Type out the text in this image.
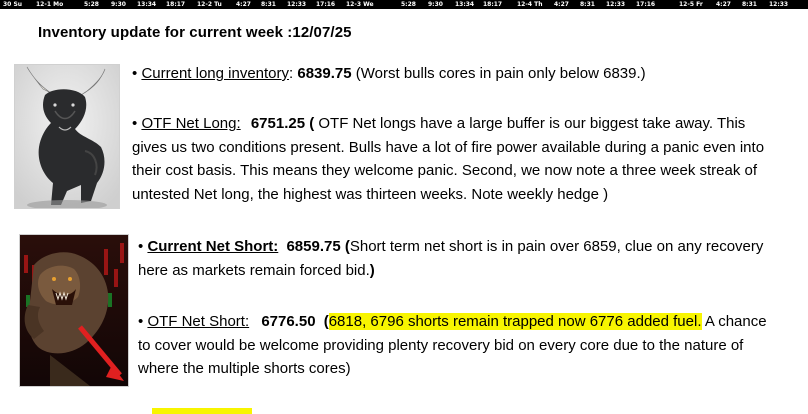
30 Su 12-1 Mo	5:28 9:30 13:34 18:17 12-2 Tu 4:27 8:31 12:33 17:16 12-3 We	5:28 9:30 13:34 18:17 12-4 Th 4:27 8:31 12:33 17:16	12-5 Fr 4:27 8:31 12:33
Inventory update for current week :12/07/25
• Current long inventory: 6839.75 (Worst bulls cores in pain only below 6839.)
• OTF Net Long: 6751.25 ( OTF Net longs have a large buffer is our biggest take away. This gives us two conditions present. Bulls have a lot of fire power available during a panic even into their cost basis. This means they welcome panic. Second, we now note a three week streak of untested Net long, the highest was thirteen weeks. Note weekly hedge )
• Current Net Short: 6859.75 (Short term net short is in pain over 6859, clue on any recovery here as markets remain forced bid.)
• OTF Net Short: 6776.50 (6818, 6796 shorts remain trapped now 6776 added fuel. A chance to cover would be welcome providing plenty recovery bid on every core due to the nature of where the multiple shorts cores)
